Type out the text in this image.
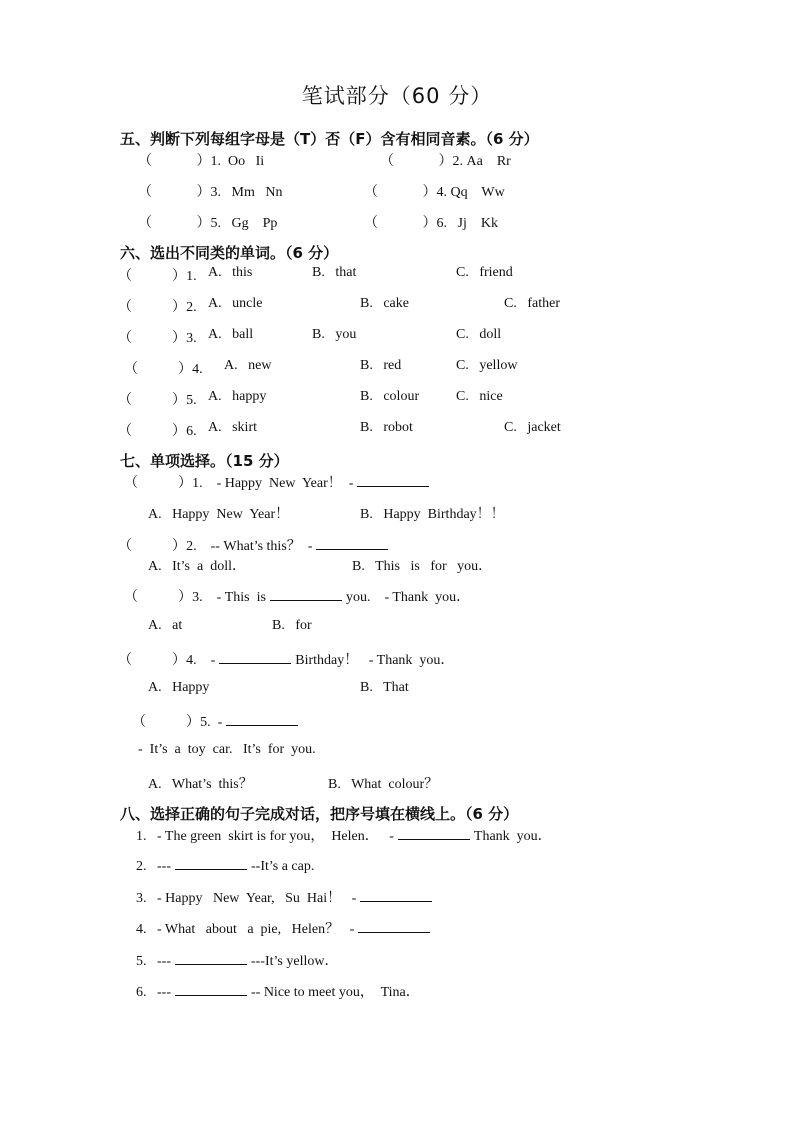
笔试部分（60 分）
五、判断下列每组字母是（T）否（F）含有相同音素。（6 分）
（          ）1.  Oo   Ii	（          ）2. Aa    Rr
（          ）3.   Mm   Nn	（          ）4. Qq    Ww
（          ）5.   Gg    Pp	（          ）6.   Jj    Kk
六、选出不同类的单词。（6 分）
（         ）1. A.   this	B.   that	C.   friend
（         ）2. A.   uncle	B.   cake	C.   father
（         ）3. A.   ball	B.   you	C.   doll
（         ）4. A.   new	B.   red	C.   yellow
（         ）5. A.   happy	B.   colour	C.   nice
（         ）6. A.   skirt	B.   robot	C.   jacket
七、单项选择。（15 分）
（         ）1.    - Happy  New  Year！  -
A.   Happy  New  Year！	B.   Happy  Birthday！！
（         ）2.    -- What’s this？  -
A.   It’s  a  doll．	B.   This   is   for   you．
（         ）3.    - This  is	you.    - Thank  you．
A.   at	B.   for
（         ）4.    -	Birthday！   - Thank  you．
A.   Happy	B.   That
（         ）5.  -
-  It’s  a  toy  car.   It’s  for  you.
A.   What’s  this？	B.   What  colour？
八、选择正确的句子完成对话，把序号填在横线上。（6 分）
1. - The green  skirt is for you，  Helen．   -	Thank  you．
2. ---	--It’s a cap.
3. - Happy   New  Year,   Su  Hai！   -
4. - What   about   a  pie,   Helen？   -
5. ---	---It’s yellow．
6. ---	-- Nice to meet you，  Tina．
